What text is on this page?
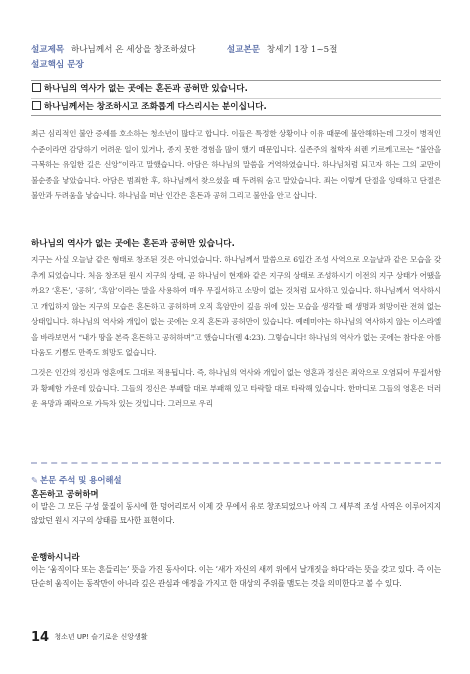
설교제목 하나님께서 온 세상을 창조하셨다	설교본문 창세기 1장 1~5절
설교핵심 문장
하나님의 역사가 없는 곳에는 혼돈과 공허만 있습니다.
하나님께서는 창조하시고 조화롭게 다스리시는 분이십니다.
최근 심리적인 불안 증세를 호소하는 청소년이 많다고 합니다. 이들은 특정한 상황이나 이유 때문에 불안해하는데 그것이 병적인 수준이라면 감당하기 어려운 일이 있거나, 종지 못한 경험을 많이 했기 때문입니다. 실존주의 철학자 쇠렌 키르케고르는 “불안을 극복하는 유일한 길은 신앙”이라고 말했습니다. 아담은 하나님의 말씀을 거역하였습니다. 하나님처럼 되고자 하는 그의 교만이 불순종을 낳았습니다. 아담은 범죄한 후, 하나님께서 찾으셨을 때 두려워 숨고 말았습니다. 죄는 이렇게 단절을 잉태하고 단절은 불안과 두려움을 낳습니다. 하나님을 떠난 인간은 혼돈과 공허 그리고 불안을 안고 삽니다.
하나님의 역사가 없는 곳에는 혼돈과 공허만 있습니다.
지구는 사실 오늘날 같은 형태로 창조된 것은 아니었습니다. 하나님께서 말씀으로 6일간 조성 사역으로 오늘날과 같은 모습을 갖추게 되었습니다. 처음 창조된 원시 지구의 상태, 곧 하나님이 현재와 같은 지구의 상태로 조성하시기 이전의 지구 상태가 어땠을까요? ‘혼돈’, ‘공허’, ‘흑암’이라는 말을 사용하여 매우 무질서하고 소망이 없는 것처럼 묘사하고 있습니다. 하나님께서 역사하시고 개입하지 않는 지구의 모습은 혼돈하고 공허하며 오직 흑암만이 깊음 위에 있는 모습을 생각할 때 생명과 희망이란 전혀 없는 상태입니다. 하나님의 역사와 개입이 없는 곳에는 오직 혼돈과 공허만이 있습니다. 예레미야는 하나님의 역사하지 않는 이스라엘을 바라보면서 “내가 땅을 본즉 혼돈하고 공허하며”고 했습니다(렘 4:23). 그렇습니다! 하나님의 역사가 없는 곳에는 참다운 아름다움도 기쁨도 만족도 희망도 없습니다.
그것은 인간의 정신과 영혼에도 그대로 적용됩니다. 즉, 하나님의 역사와 개입이 없는 영혼과 정신은 죄악으로 오염되어 무질서함과 황폐함 가운데 있습니다. 그들의 정신은 부패할 대로 부패해 있고 타락할 대로 타락해 있습니다. 한마디로 그들의 영혼은 더러운 욕망과 쾌락으로 가득차 있는 것입니다. 그러므로 우리
✎ 본문 주석 및 용어해설
혼돈하고 공허하며
이 말은 그 모든 구성 물질이 동시에 한 덩어리로서 이제 갓 무에서 유로 창조되었으나 아직 그 세부적 조성 사역은 이루어지지 않았던 원시 지구의 상태를 묘사한 표현이다.
운행하시니라
이는 ‘움직이다 또는 흔들리는’ 뜻을 가진 동사이다. 이는 ‘새가 자신의 새끼 위에서 날개짓을 하다’라는 뜻을 갖고 있다. 즉 이는 단순히 움직이는 동작만이 아니라 깊은 관심과 애정을 가지고 한 대상의 주위를 맴도는 것을 의미한다고 볼 수 있다.
14 청소년 UP! 슬기로운 신앙생활
